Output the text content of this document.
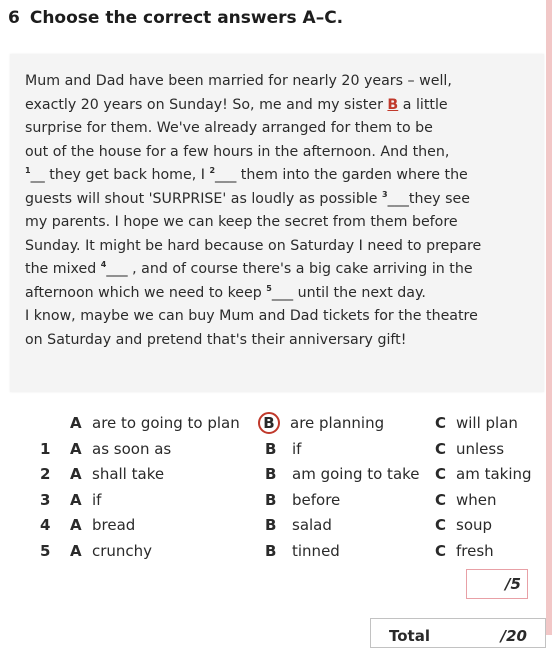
6 Choose the correct answers A–C.
Mum and Dad have been married for nearly 20 years – well,
exactly 20 years on Sunday! So, me and my sister B a little
surprise for them. We've already arranged for them to be
out of the house for a few hours in the afternoon. And then,
$^1$__ they get back home, I $^2$___ them into the garden where the
guests will shout 'SURPRISE' as loudly as possible $^3$___they see
my parents. I hope we can keep the secret from them before
Sunday. It might be hard because on Saturday I need to prepare
the mixed $^4$___ , and of course there's a big cake arriving in the
afternoon which we need to keep $^5$___ until the next day.
I know, maybe we can buy Mum and Dad tickets for the theatre
on Saturday and pretend that's their anniversary gift!
A are to going to plan	B	are planning	C will plan
1 A as soon as	B if	C unless
2 A shall take	B am going to take C am taking
3 A if	B before	C when
4 A bread	B salad	C soup
5 A crunchy	B tinned	C fresh
/5
Total	/20
